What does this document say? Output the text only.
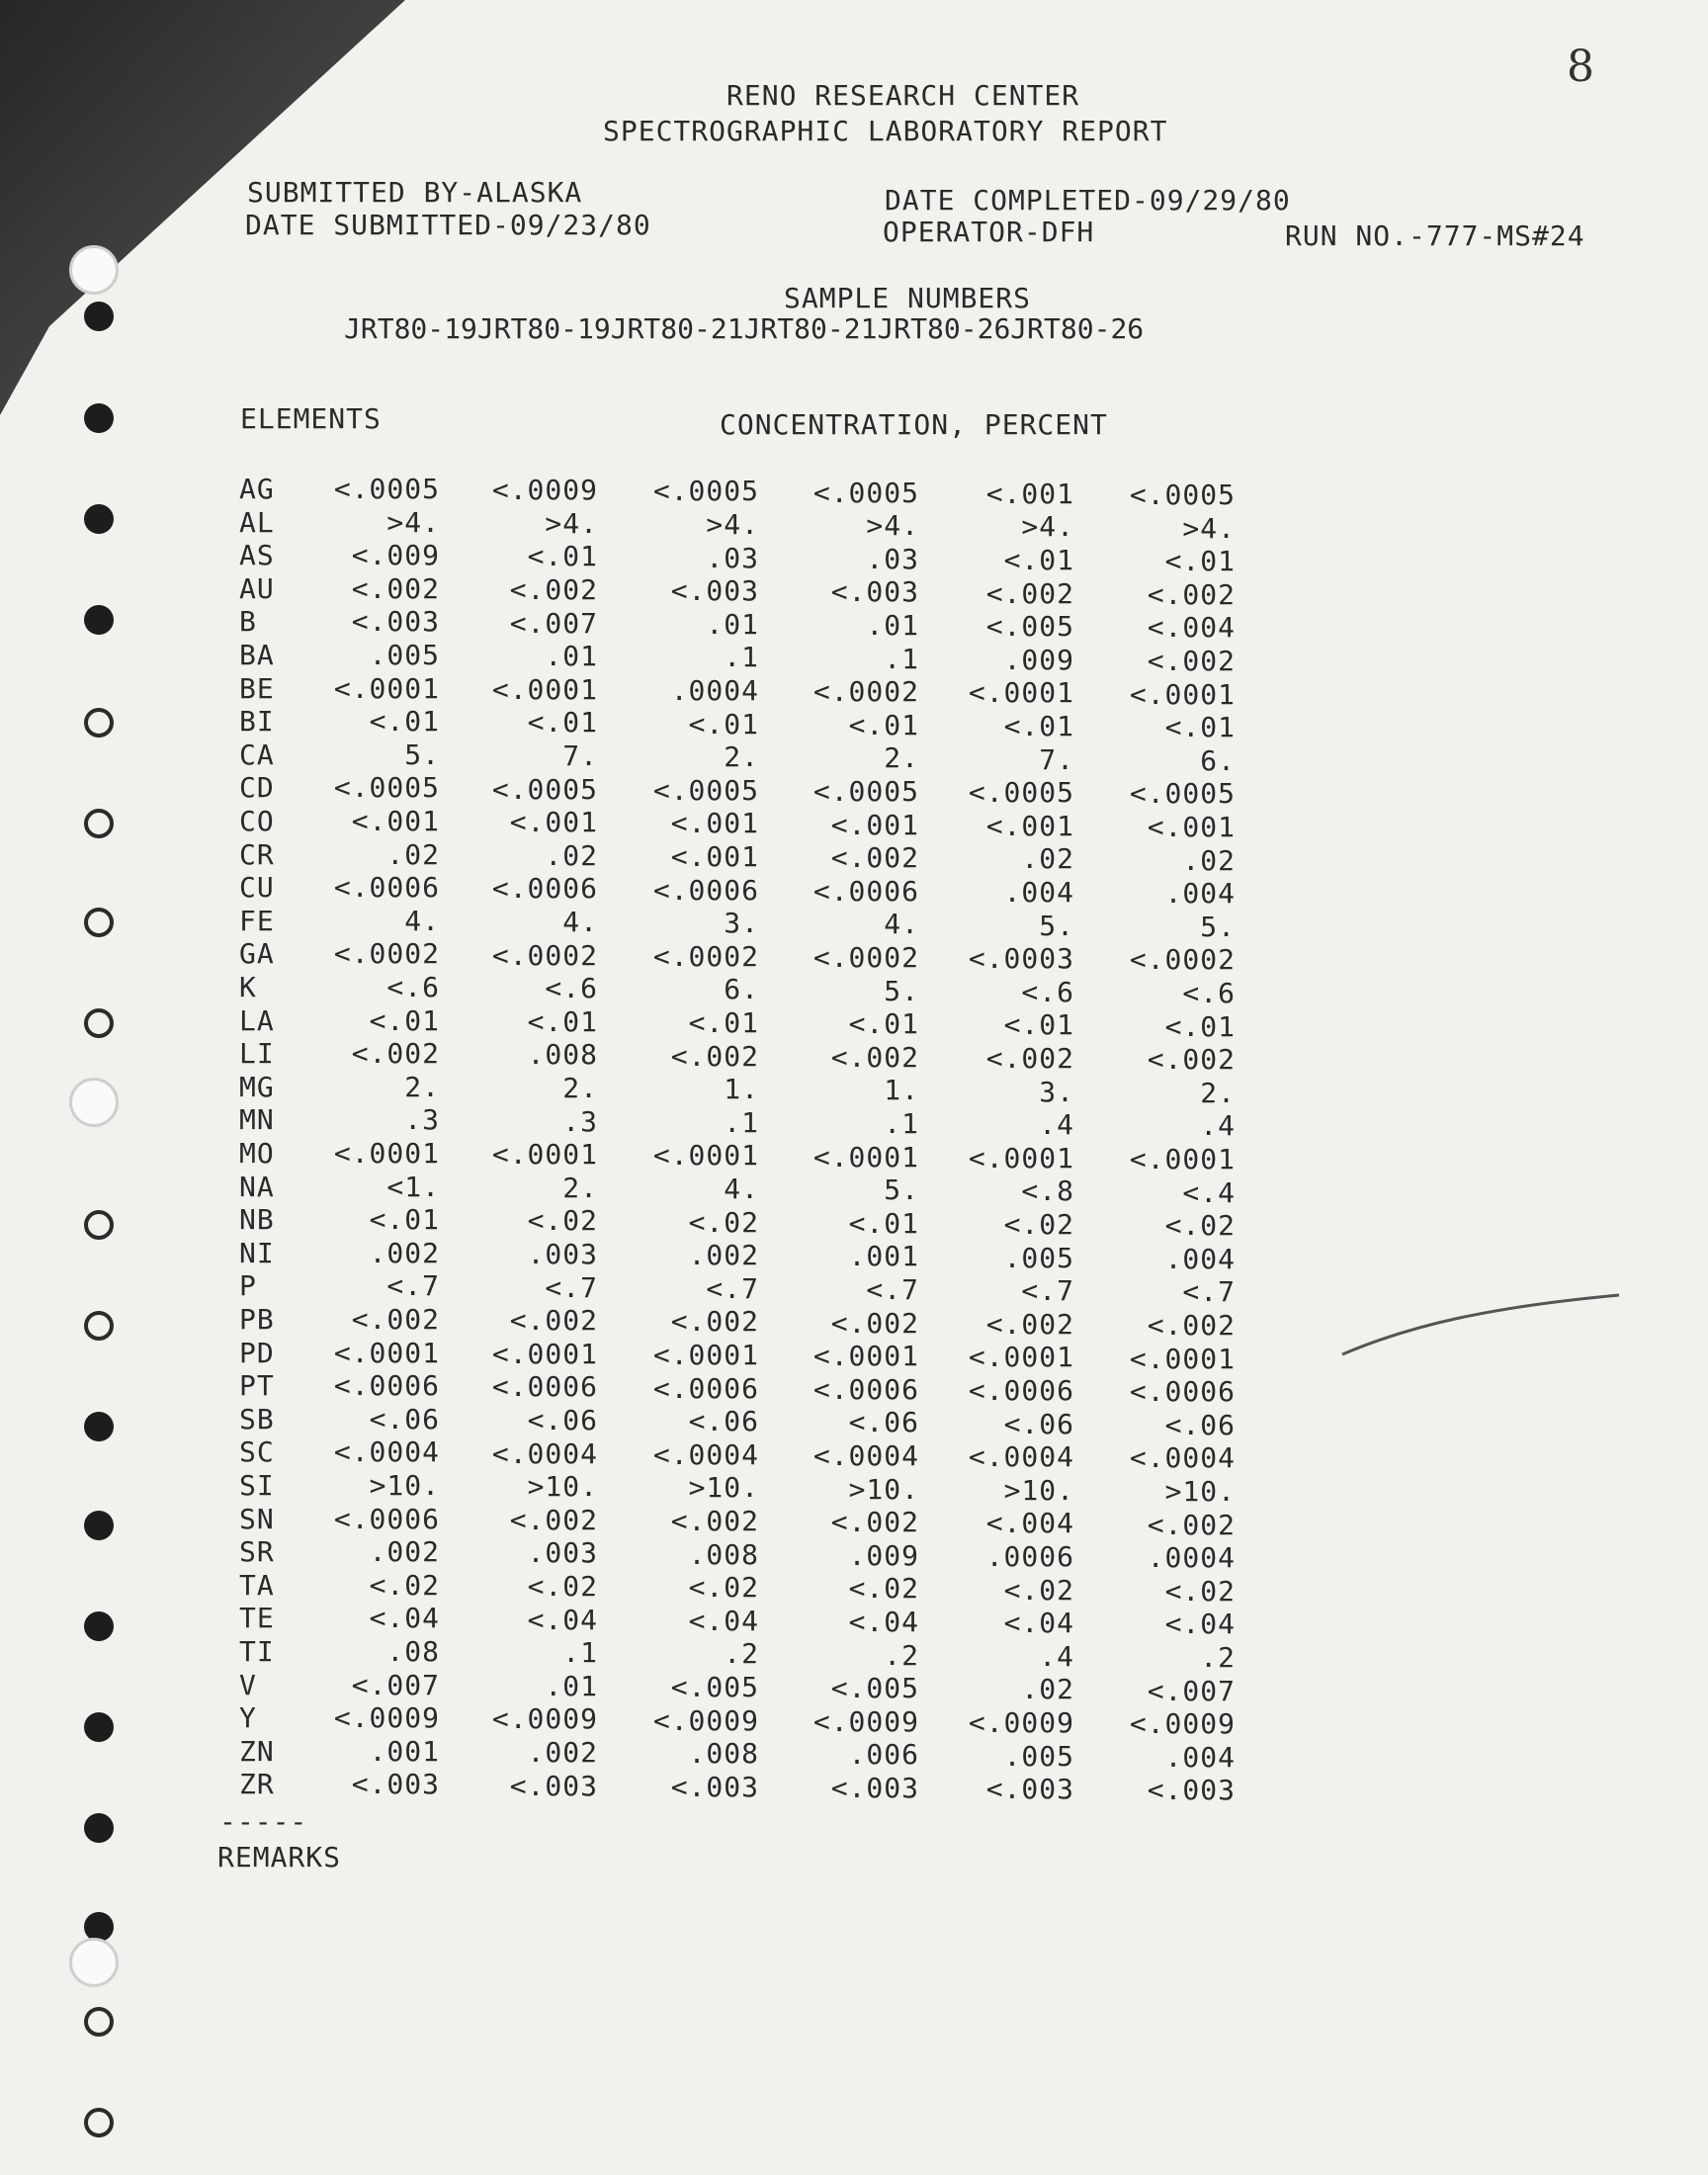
8
RENO RESEARCH CENTER
SPECTROGRAPHIC LABORATORY REPORT
SUBMITTED BY-ALASKA
DATE SUBMITTED-09/23/80
DATE COMPLETED-09/29/80
OPERATOR-DFH	RUN NO.-777-MS#24
SAMPLE NUMBERS
JRT80-19JRT80-19JRT80-21JRT80-21JRT80-26JRT80-26
ELEMENTS	CONCENTRATION, PERCENT
AG	<.0005	<.0009	<.0005	<.0005	<.001	<.0005
AL	>4.	>4.	>4.	>4.	>4.	>4.
AS	<.009	<.01	.03	.03	<.01	<.01
AU	<.002	<.002	<.003	<.003	<.002	<.002
B	<.003	<.007	.01	.01	<.005	<.004
BA	.005	.01	.1	.1	.009	<.002
BE	<.0001	<.0001	.0004	<.0002	<.0001	<.0001
BI	<.01	<.01	<.01	<.01	<.01	<.01
CA	5.	7.	2.	2.	7.	6.
CD	<.0005	<.0005	<.0005	<.0005	<.0005	<.0005
CO	<.001	<.001	<.001	<.001	<.001	<.001
CR	.02	.02	<.001	<.002	.02	.02
CU	<.0006	<.0006	<.0006	<.0006	.004	.004
FE	4.	4.	3.	4.	5.	5.
GA	<.0002	<.0002	<.0002	<.0002	<.0003	<.0002
K	<.6	<.6	6.	5.	<.6	<.6
LA	<.01	<.01	<.01	<.01	<.01	<.01
LI	<.002	.008	<.002	<.002	<.002	<.002
MG	2.	2.	1.	1.	3.	2.
MN	.3	.3	.1	.1	.4	.4
MO	<.0001	<.0001	<.0001	<.0001	<.0001	<.0001
NA	<1.	2.	4.	5.	<.8	<.4
NB	<.01	<.02	<.02	<.01	<.02	<.02
NI	.002	.003	.002	.001	.005	.004
P	<.7	<.7	<.7	<.7	<.7	<.7
PB	<.002	<.002	<.002	<.002	<.002	<.002
PD	<.0001	<.0001	<.0001	<.0001	<.0001	<.0001
PT	<.0006	<.0006	<.0006	<.0006	<.0006	<.0006
SB	<.06	<.06	<.06	<.06	<.06	<.06
SC	<.0004	<.0004	<.0004	<.0004	<.0004	<.0004
SI	>10.	>10.	>10.	>10.	>10.	>10.
SN	<.0006	<.002	<.002	<.002	<.004	<.002
SR	.002	.003	.008	.009	.0006	.0004
TA	<.02	<.02	<.02	<.02	<.02	<.02
TE	<.04	<.04	<.04	<.04	<.04	<.04
TI	.08	.1	.2	.2	.4	.2
V	<.007	.01	<.005	<.005	.02	<.007
Y	<.0009	<.0009	<.0009	<.0009	<.0009	<.0009
ZN	.001	.002	.008	.006	.005	.004
ZR	<.003	<.003	<.003	<.003	<.003	<.003
-----
REMARKS
